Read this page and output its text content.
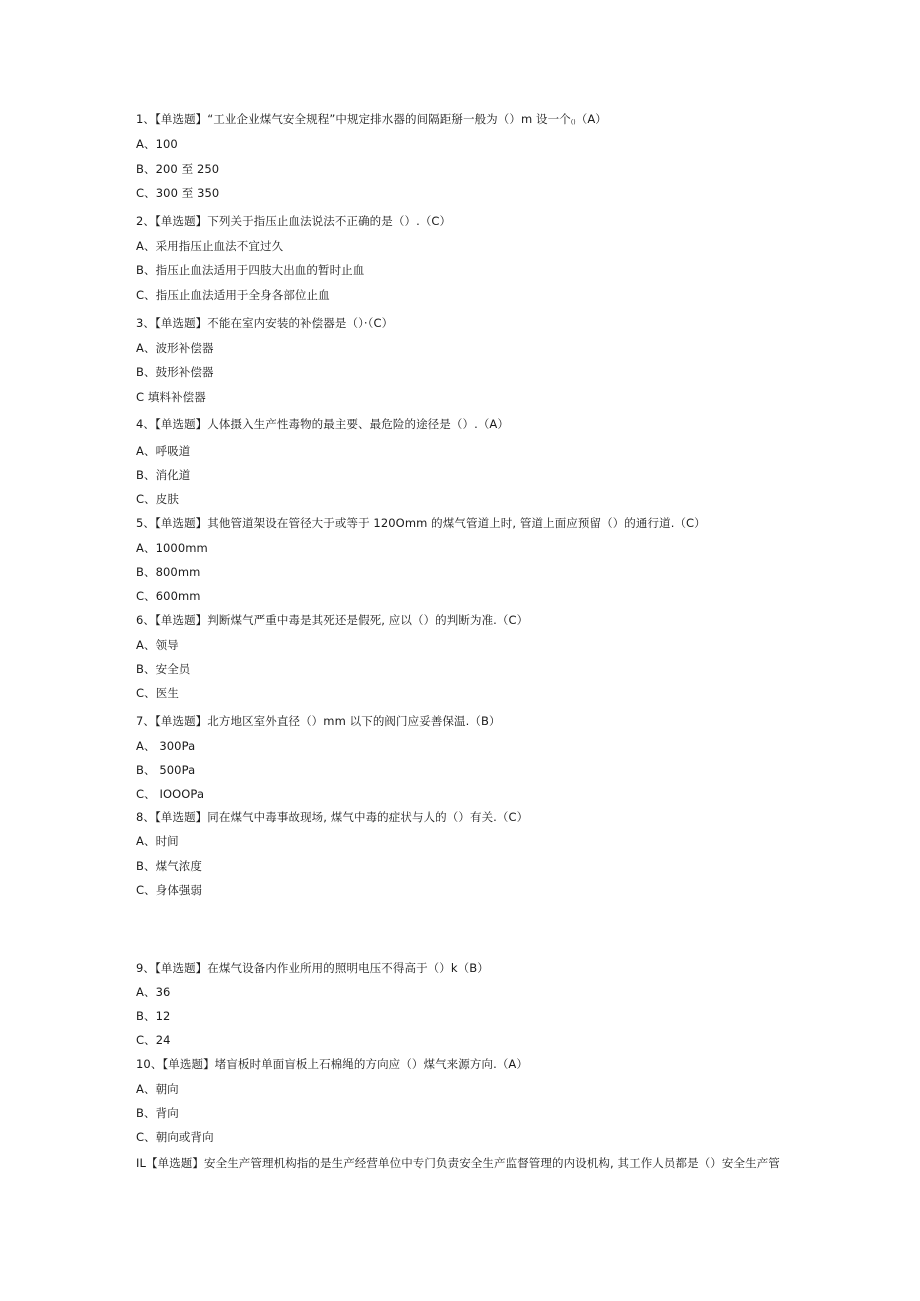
1、【单选题】“工业企业煤气安全规程”中规定排水器的间隔距掰一般为（）m 设一个()（A）
A、100
B、200 至 250
C、300 至 350
2、【单选题】下列关于指压止血法说法不正确的是（）.（C）
A、采用指压止血法不宜过久
B、指压止血法适用于四肢大出血的暂时止血
C、指压止血法适用于全身各部位止血
3、【单选题】不能在室内安装的补偿器是（）·（C）
A、波形补偿器
B、鼓形补偿器
C 填料补偿器
4、【单选题】人体摄入生产性毒物的最主要、最危险的途径是（）.（A）
A、呼吸道
B、消化道
C、皮肤
5、【单选题】其他管道架设在管径大于或等于 120Omm 的煤气管道上时, 管道上面应预留（）的通行道.（C）
A、1000mm
B、800mm
C、600mm
6、【单选题】判断煤气严重中毒是其死还是假死, 应以（）的判断为准.（C）
A、领导
B、安全员
C、医生
7、【单选题】北方地区室外直径（）mm 以下的阀门应妥善保温.（B）
A、 300Pa
B、 500Pa
C、 IOOOPa
8、【单选题】同在煤气中毒事故现场, 煤气中毒的症状与人的（）有关.（C）
A、时间
B、煤气浓度
C、身体强弱
9、【单选题】在煤气设备内作业所用的照明电压不得高于（）k（B）
A、36
B、12
C、24
10、【单选题】堵盲板时单面盲板上石棉绳的方向应（）煤气来源方向.（A）
A、朝向
B、背向
C、朝向或背向
IL【单选题】安全生产管理机构指的是生产经营单位中专门负责安全生产监督管理的内设机构, 其工作人员都是（）安全生产管
